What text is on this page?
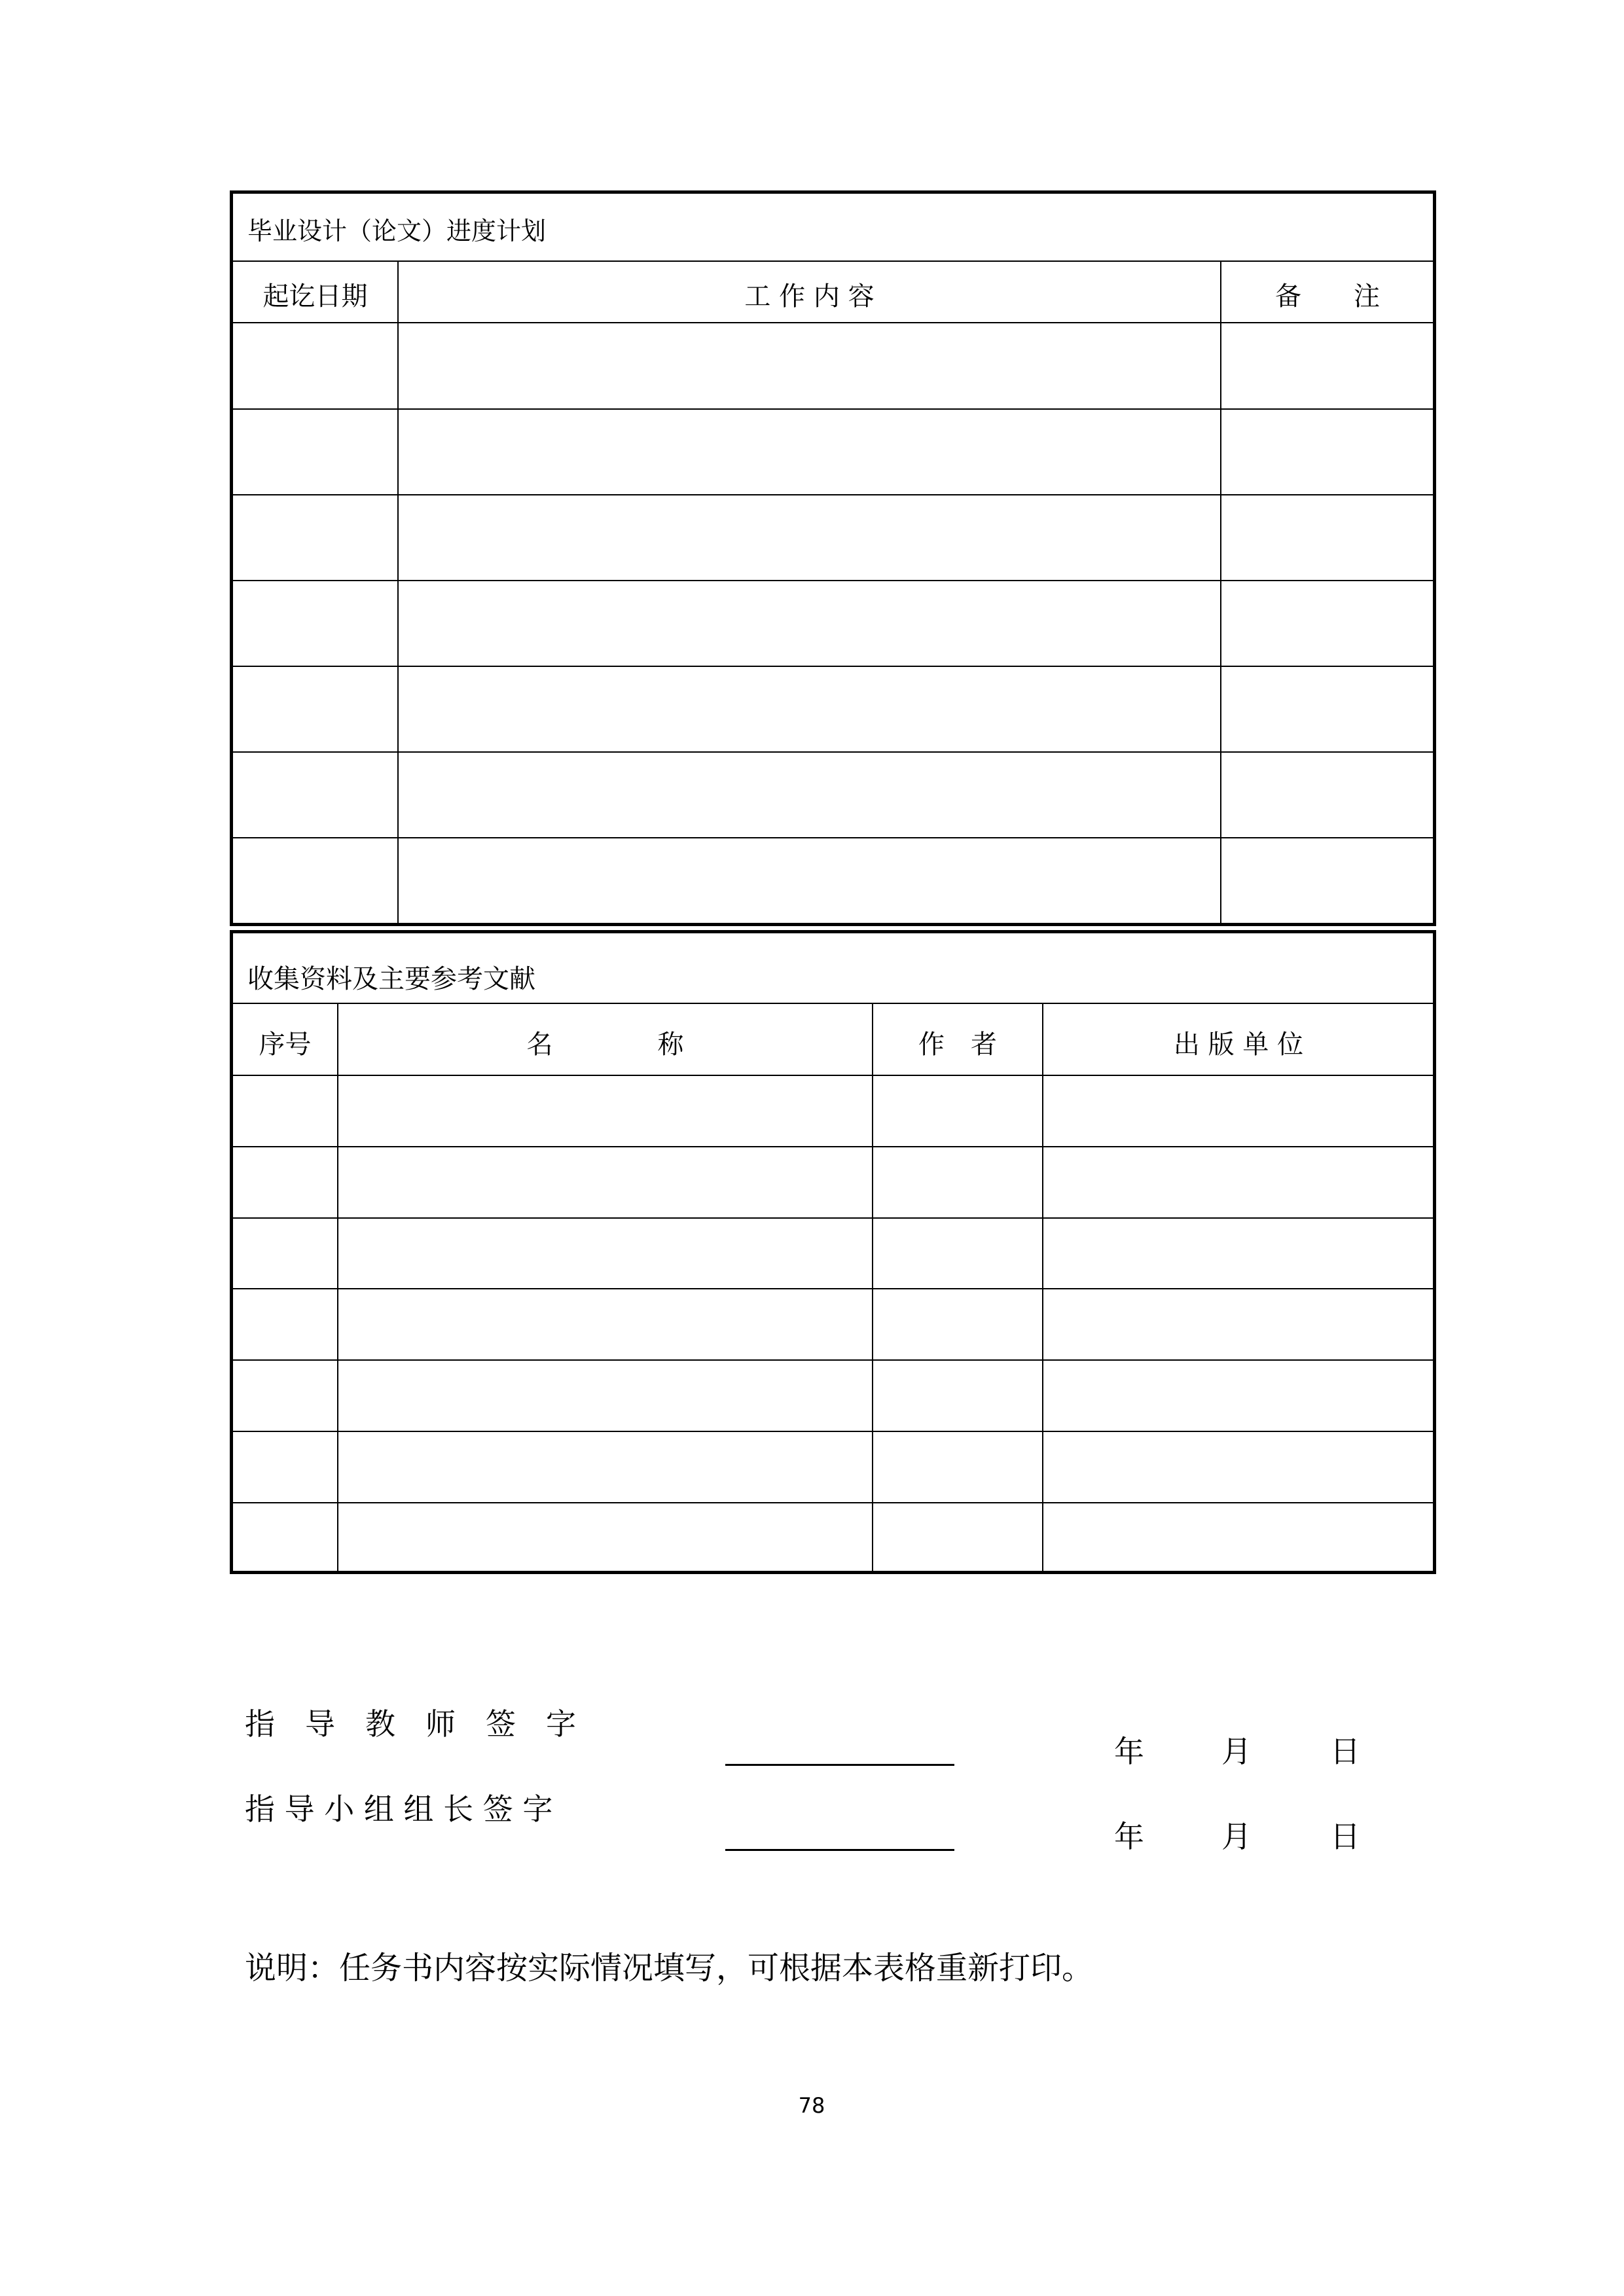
毕业设计（论文）进度计划
起讫日期	工 作 内 容	备　　注
收集资料及主要参考文献
序号	名　　　　称	作　者	出 版 单 位
指　导　教　师　签　字
年	月	日
指 导 小 组 组 长 签 字
年	月	日
说明：任务书内容按实际情况填写，可根据本表格重新打印。
78
